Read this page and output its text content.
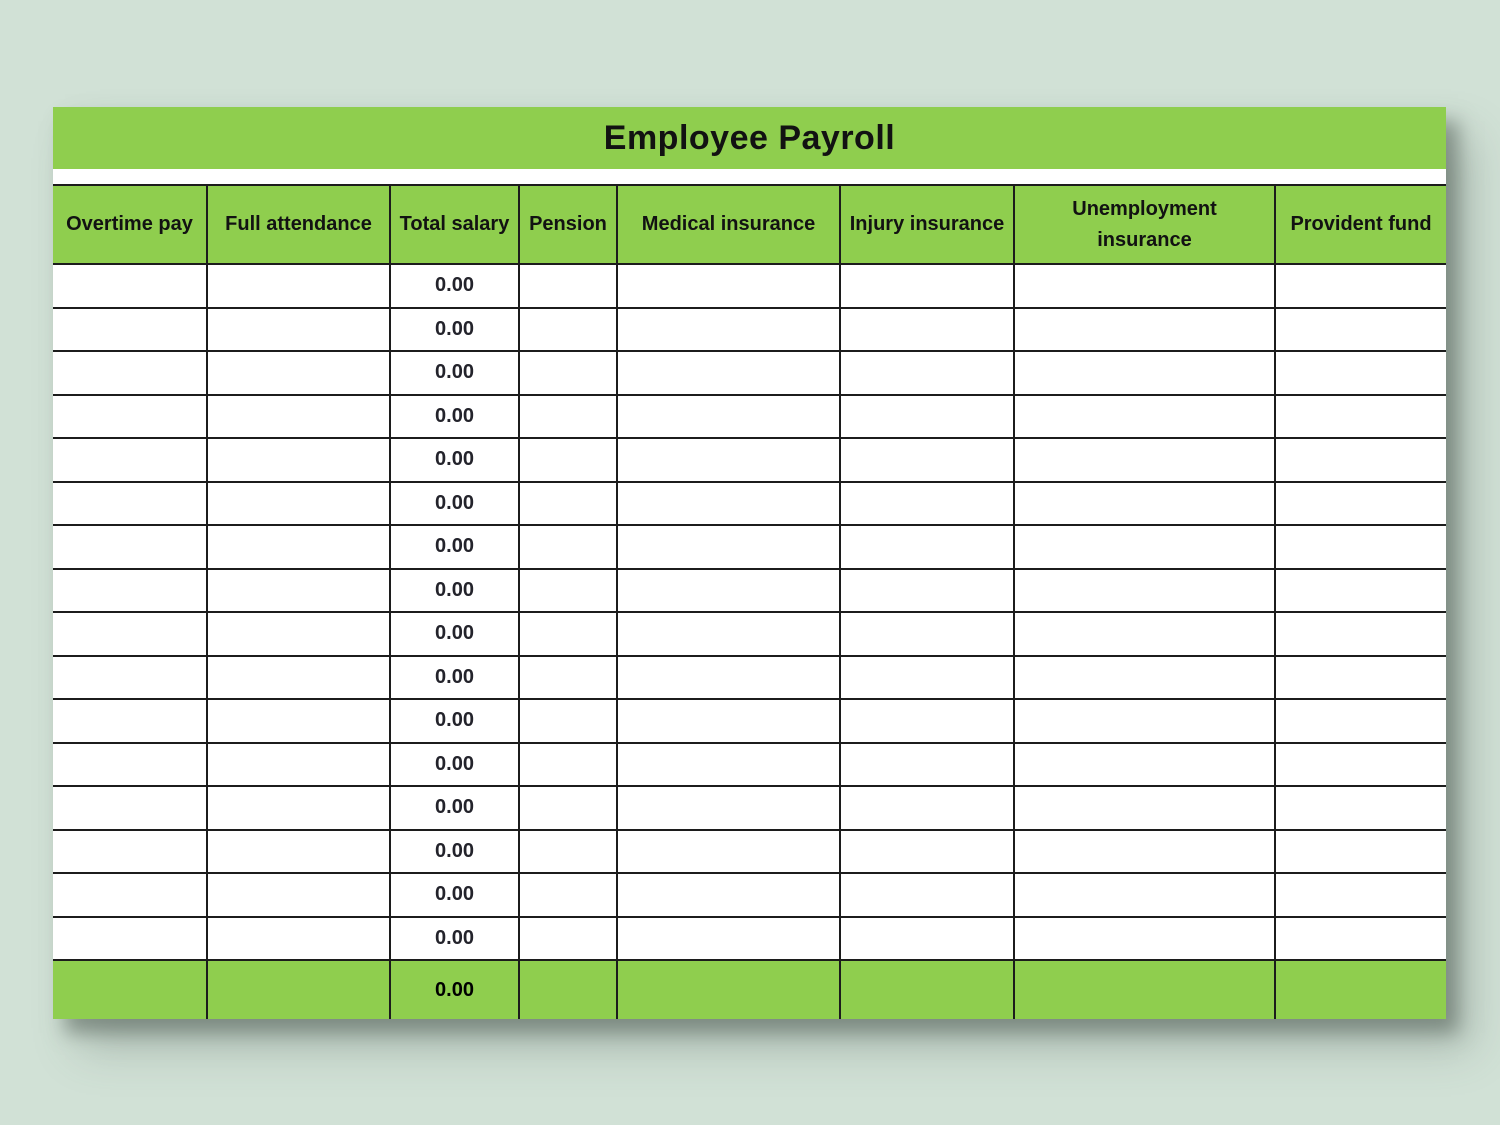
Employee Payroll
Overtime pay	Full attendance	Total salary	Pension	Medical insurance	Injury insurance	Unemployment insurance	Provident fund
		0.00					
		0.00					
		0.00					
		0.00					
		0.00					
		0.00					
		0.00					
		0.00					
		0.00					
		0.00					
		0.00					
		0.00					
		0.00					
		0.00					
		0.00					
		0.00					
		0.00					
